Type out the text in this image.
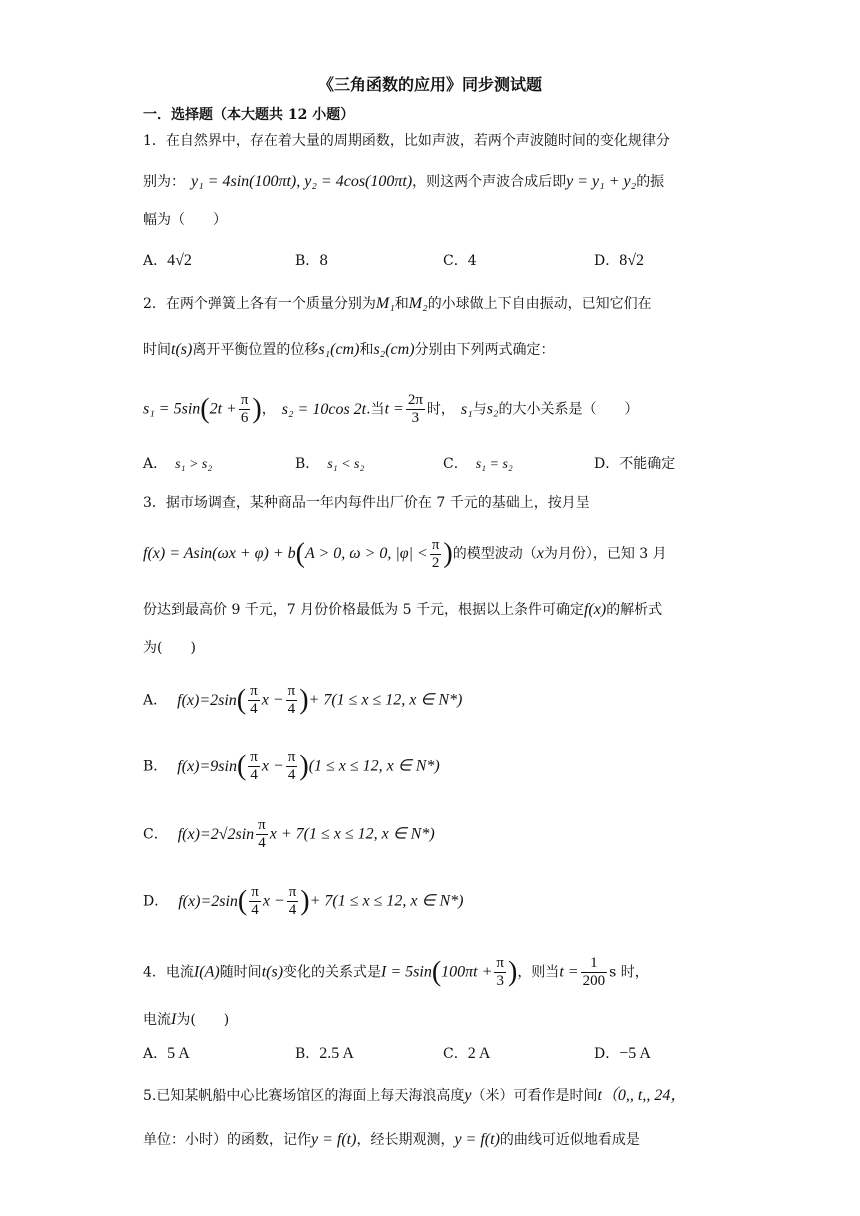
《三角函数的应用》同步测试题
一．选择题（本大题共 12 小题）
1．在自然界中，存在着大量的周期函数，比如声波，若两个声波随时间的变化规律分
别为： y₁ = 4sin(100πt), y₂ = 4cos(100πt)，则这两个声波合成后即y = y₁ + y₂的振
幅为（　　）
A．4√2	B．8	C．4	D．8√2
2．在两个弹簧上各有一个质量分别为M₁和M₂的小球做上下自由振动，已知它们在
时间t(s)离开平衡位置的位移s₁(cm)和s₂(cm)分别由下列两式确定：
$s_1 = 5\sin(2t + \frac{\pi}{6}$ )， s₂ = 10cos 2t.当$t = \frac{2\pi}{3}$ 时， s₁与s₂的大小关系是（　　）
A． s₁ > s₂	B． s₁ < s₂	C． s₁ = s₂	D．不能确定
3．据市场调查，某种商品一年内每件出厂价在 7 千元的基础上，按月呈
f(x) = Asin(ωx + φ) + b(A > 0, ω > 0, $|\varphi| < \frac{\pi}{2}$ )的模型波动（x为月份），已知 3 月
份达到最高价 9 千元，7 月份价格最低为 5 千元，根据以上条件可确定f(x)的解析式
为(　　)
A． $f(x)=2\sin( \frac{\pi}{4}$ $x - \frac{\pi}{4}$ )+ 7(1 ≤ x ≤ 12, x ∈ N*)
B． $f(x)=9\sin( \frac{\pi}{4}$ $x - \frac{\pi}{4} )(1 \le x \le 12$, x ∈ N*)
C． $f(x)=2√2\sin \frac{\pi}{4}$ x + 7(1 ≤ x ≤ 12, x ∈ N*)
D． $f(x)=2\sin( \frac{\pi}{4}$ $x - \frac{\pi}{4}$ )+ 7(1 ≤ x ≤ 12, x ∈ N*)
4．电流I(A)随时间t(s)变化的关系式是$I = 5\sin(100\pi t + \frac{\pi}{3}$ )，则当$t = \frac{1}{200}$ s 时，
电流I为(　　)
A．5 A	B．2.5 A	C．2 A	D．−5 A
5.已知某帆船中心比赛场馆区的海面上每天海浪高度y（米）可看作是时间t（0,, t,, 24，
单位：小时）的函数，记作y = f(t)，经长期观测，y = f(t)的曲线可近似地看成是
